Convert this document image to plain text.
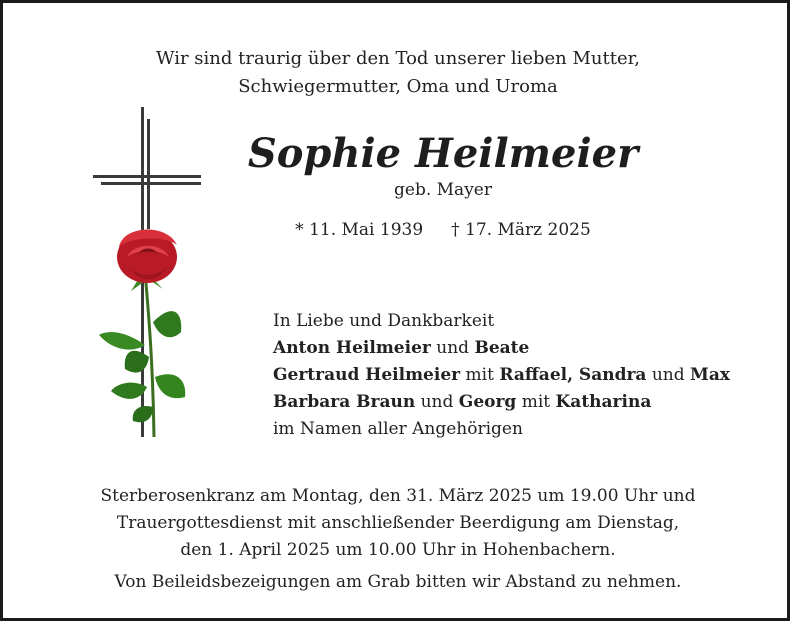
Wir sind traurig über den Tod unserer lieben Mutter,
Schwiegermutter, Oma und Uroma

Sophie Heilmeier
geb. Mayer
* 11. Mai 1939 † 17. März 2025
In Liebe und Dankbarkeit
Anton Heilmeier und Beate
Gertraud Heilmeier mit Raffael, Sandra und Max
Barbara Braun und Georg mit Katharina
im Namen aller Angehörigen
Sterberosenkranz am Montag, den 31. März 2025 um 19.00 Uhr und
Trauergottesdienst mit anschließender Beerdigung am Dienstag,
den 1. April 2025 um 10.00 Uhr in Hohenbachern.
Von Beileidsbezeigungen am Grab bitten wir Abstand zu nehmen.
